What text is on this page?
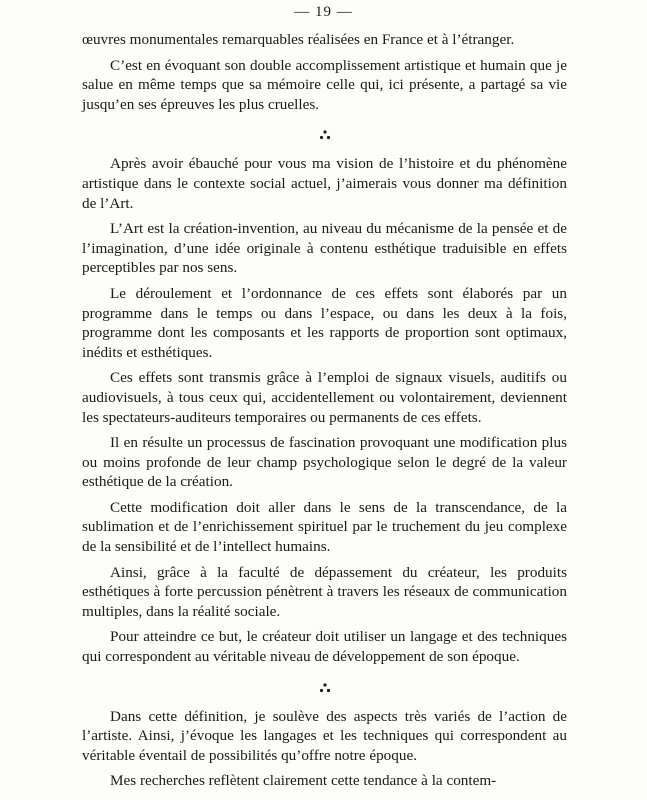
— 19 —

œuvres monumentales remarquables réalisées en France et à l’étranger.

C’est en évoquant son double accomplissement artistique et humain que je salue en même temps que sa mémoire celle qui, ici présente, a partagé sa vie jusqu’en ses épreuves les plus cruelles.

Après avoir ébauché pour vous ma vision de l’histoire et du phénomène artistique dans le contexte social actuel, j’aimerais vous donner ma définition de l’Art.

L’Art est la création-invention, au niveau du mécanisme de la pensée et de l’imagination, d’une idée originale à contenu esthétique traduisible en effets perceptibles par nos sens.

Le déroulement et l’ordonnance de ces effets sont élaborés par un programme dans le temps ou dans l’espace, ou dans les deux à la fois, programme dont les composants et les rapports de proportion sont optimaux, inédits et esthétiques.

Ces effets sont transmis grâce à l’emploi de signaux visuels, auditifs ou audiovisuels, à tous ceux qui, accidentellement ou volontairement, deviennent les spectateurs-auditeurs temporaires ou permanents de ces effets.

Il en résulte un processus de fascination provoquant une modification plus ou moins profonde de leur champ psychologique selon le degré de la valeur esthétique de la création.

Cette modification doit aller dans le sens de la transcendance, de la sublimation et de l’enrichissement spirituel par le truchement du jeu complexe de la sensibilité et de l’intellect humains.

Ainsi, grâce à la faculté de dépassement du créateur, les produits esthétiques à forte percussion pénètrent à travers les réseaux de communication multiples, dans la réalité sociale.

Pour atteindre ce but, le créateur doit utiliser un langage et des techniques qui correspondent au véritable niveau de développement de son époque.

Dans cette définition, je soulève des aspects très variés de l’action de l’artiste. Ainsi, j’évoque les langages et les techniques qui correspondent au véritable éventail de possibilités qu’offre notre époque.

Mes recherches reflètent clairement cette tendance à la contem-
